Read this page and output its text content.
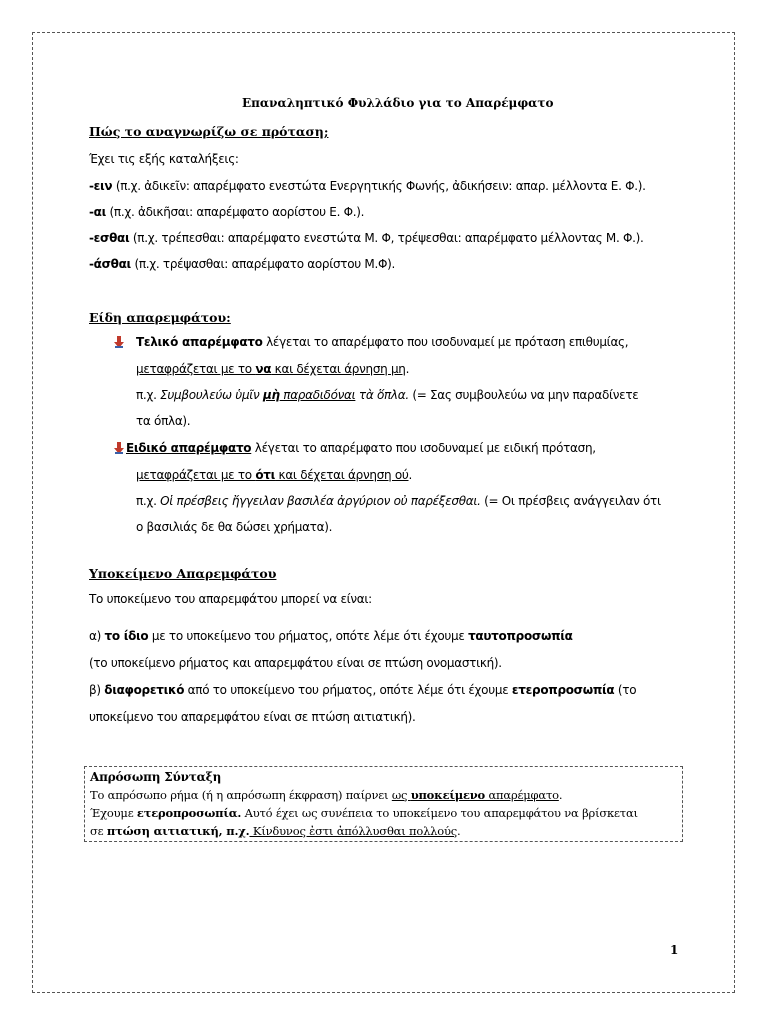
Επαναληπτικό Φυλλάδιο για το Απαρέμφατο
Πώς το αναγνωρίζω σε πρόταση;
Έχει τις εξής καταλήξεις:
-ειν (π.χ. ἀδικεῖν: απαρέμφατο ενεστώτα Ενεργητικής Φωνής, ἀδικήσειν: απαρ. μέλλοντα Ε. Φ.).
-αι (π.χ. ἀδικῆσαι: απαρέμφατο αορίστου Ε. Φ.).
-εσθαι (π.χ. τρέπεσθαι: απαρέμφατο ενεστώτα Μ. Φ, τρέψεσθαι: απαρέμφατο μέλλοντας Μ. Φ.).
-άσθαι (π.χ. τρέψασθαι: απαρέμφατο αορίστου Μ.Φ).
Είδη απαρεμφάτου:
Τελικό απαρέμφατο λέγεται το απαρέμφατο που ισοδυναμεί με πρόταση επιθυμίας,
μεταφράζεται με το να και δέχεται άρνηση μη.
π.χ. Συμβουλεύω ὑμῖν μὴ παραδιδόναι τὰ ὅπλα. (= Σας συμβουλεύω να μην παραδίνετε
τα όπλα).
Ειδικό απαρέμφατο λέγεται το απαρέμφατο που ισοδυναμεί με ειδική πρόταση,
μεταφράζεται με το ότι και δέχεται άρνηση ού.
π.χ. Οἱ πρέσβεις ἤγγειλαν βασιλέα ἀργύριον οὐ παρέξεσθαι. (= Οι πρέσβεις ανάγγειλαν ότι
ο βασιλιάς δε θα δώσει χρήματα).
Υποκείμενο Απαρεμφάτου
Το υποκείμενο του απαρεμφάτου μπορεί να είναι:
α) το ίδιο με το υποκείμενο του ρήματος, οπότε λέμε ότι έχουμε ταυτοπροσωπία
(το υποκείμενο ρήματος και απαρεμφάτου είναι σε πτώση ονομαστική).
β) διαφορετικό από το υποκείμενο του ρήματος, οπότε λέμε ότι έχουμε ετεροπροσωπία (το
υποκείμενο του απαρεμφάτου είναι σε πτώση αιτιατική).
Απρόσωπη Σύνταξη
Το απρόσωπο ρήμα (ή η απρόσωπη έκφραση) παίρνει ως υποκείμενο απαρέμφατο.
Έχουμε ετεροπροσωπία. Αυτό έχει ως συνέπεια το υποκείμενο του απαρεμφάτου να βρίσκεται
σε πτώση αιτιατική, π.χ. Κίνδυνος ἐστι ἀπόλλυσθαι πολλούς.
1
